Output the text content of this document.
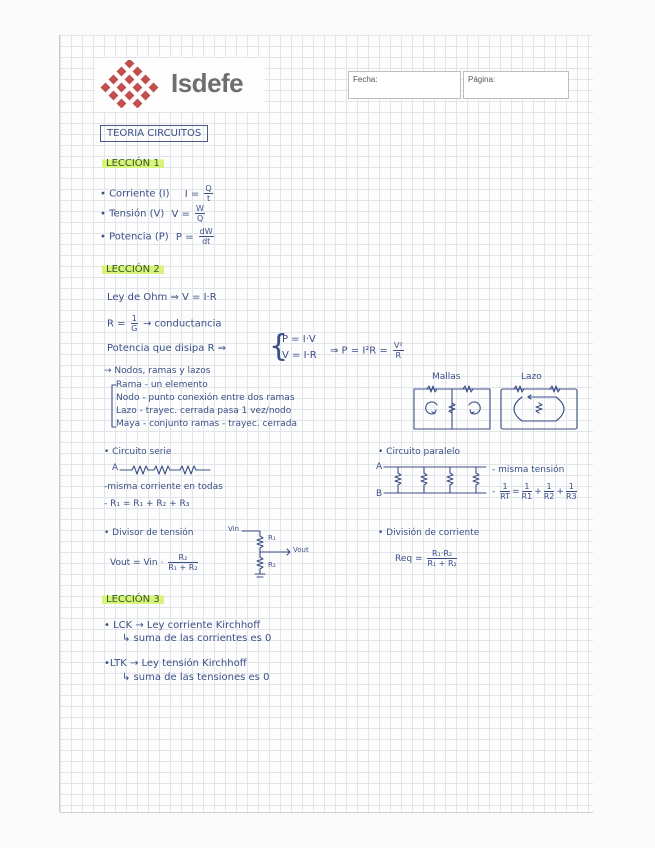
Isdefe	Fecha:	Página:
TEORIA CIRCUITOS
LECCIÓN 1
• Corriente (I) $I = \frac{Q}{t}$
• Tensión (V) $V = \frac{W}{Q}$
• Potencia (P) $P = \frac{dW}{dt}$
LECCIÓN 2
Ley de Ohm ⇒ V = I·R
$R = \frac{1}{G}$ → conductancia
Potencia que disipa R ⇒ {
P = I·V
V = I·R ⇒ $P = I^2R = \frac{\text{V²}}{R}$
→ Nodos, ramas y lazos
Rama - un elemento
Nodo - punto conexión entre dos ramas
Lazo - trayec. cerrada pasa 1 vez/nodo
Maya - conjunto ramas - trayec. cerrada
Mallas	Lazo
• Circuito serie
A
-misma corriente en todas
- R₁ = R₁ + R₂ + R₃
• Circuito paralelo
A
B
- misma tensión
- $\frac{1}{RT} = \frac{1}{R1} + \frac{1}{R2} + \frac{1}{R3}$
• Divisor de tensión
Vout = Vin · $\frac{\text{R₂}}{\text{R₁ + R₂}}$
Vin
Vout
R₁
R₂
• División de corriente
Req = $\frac{\text{R₁·R₂}}{\text{R₁ + R₂}}$
LECCIÓN 3
• LCK → Ley corriente Kirchhoff
↳ suma de las corrientes es 0
•LTK → Ley tensión Kirchhoff
↳ suma de las tensiones es 0
